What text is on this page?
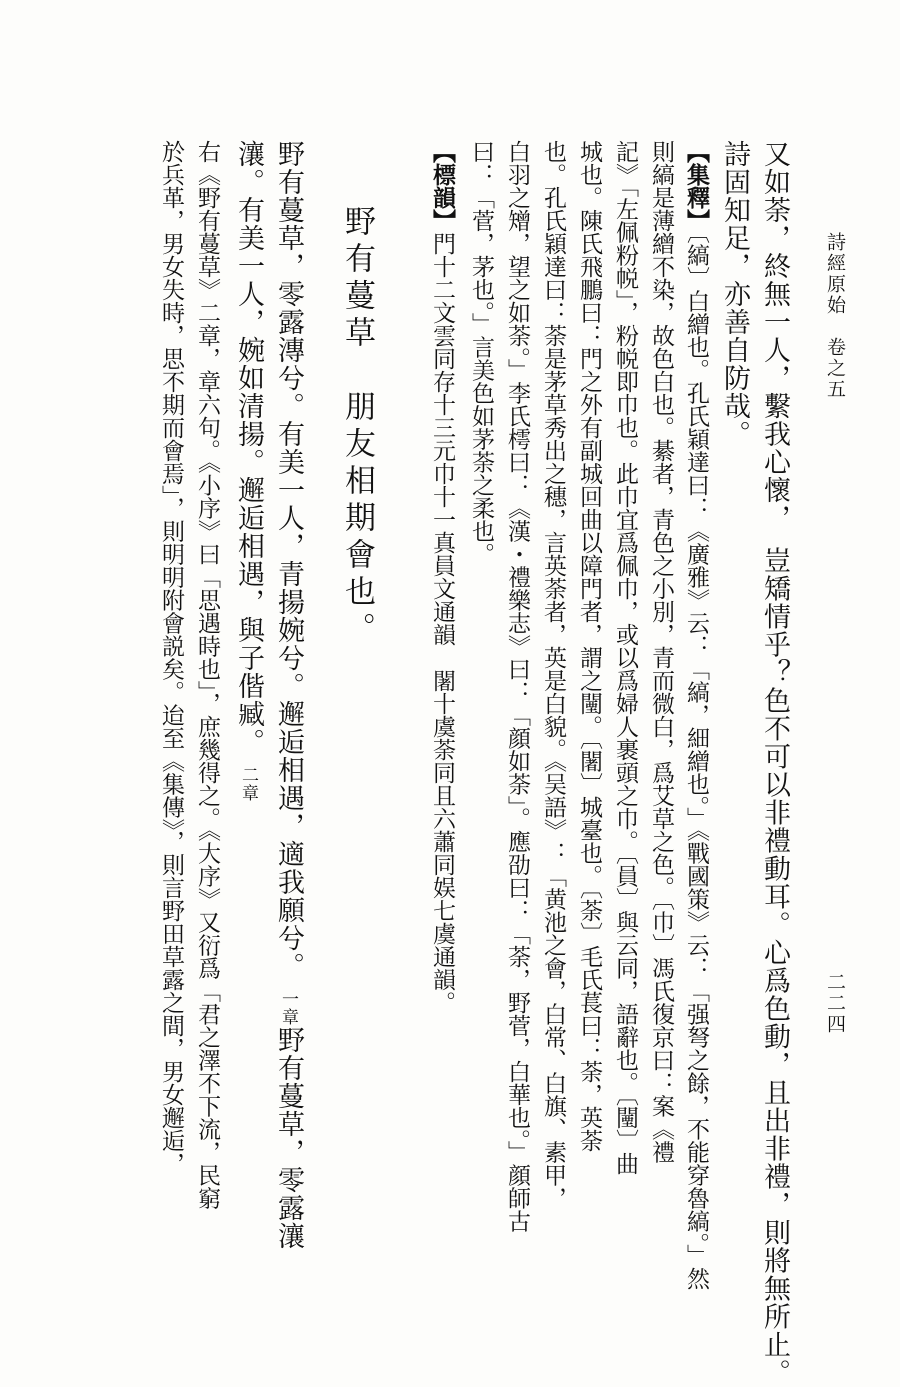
詩經原始　卷之五
二二四
又如荼，終無一人，繫我心懷，　豈矯情乎？色不可以非禮動耳。心爲色動，且出非禮，則將無所止。
詩固知足，亦善自防哉。
【集釋】〔縞〕白繒也。孔氏穎達曰：《廣雅》云：「縞，細繒也。」《戰國策》云：「强弩之餘，不能穿魯縞。」然
則縞是薄繒不染，故色白也。綦者，青色之小別，青而微白，爲艾草之色。〔巾〕馮氏復京曰：案《禮
記》「左佩粉帨」，粉帨即巾也。此巾宜爲佩巾，或以爲婦人裹頭之巾。〔員〕與云同，語辭也。〔闉〕曲
城也。陳氏飛鵬曰：門之外有副城回曲以障門者，謂之闉。〔闍〕城臺也。〔荼〕毛氏萇曰：荼，英荼
也。孔氏穎達曰：荼是茅草秀出之穗，言英荼者，英是白貌。《吴語》：「黄池之會，白常、白旗、素甲，
白羽之矰，望之如荼。」李氏樗曰：《漢・禮樂志》曰：「顔如荼」。應劭曰：「荼，野菅，白華也。」顔師古
曰：「菅，茅也。」言美色如茅荼之柔也。
【標韻】門十二文雲同存十三元巾十一真員文通韻　闍十虞荼同且六蕭同娱七虞通韻。
野有蔓草　朋友相期會也。
野有蔓草，零露漙兮。有美一人，青揚婉兮。邂逅相遇，適我願兮。一章野有蔓草，零露瀼
瀼。有美一人，婉如清揚。邂逅相遇，與子偕臧。二章
右《野有蔓草》二章，章六句。《小序》曰「思遇時也」，庶幾得之。《大序》又衍爲「君之澤不下流，民窮
於兵革，男女失時，思不期而會焉」，則明明附會説矣。迨至《集傳》，則言野田草露之間，男女邂逅，
